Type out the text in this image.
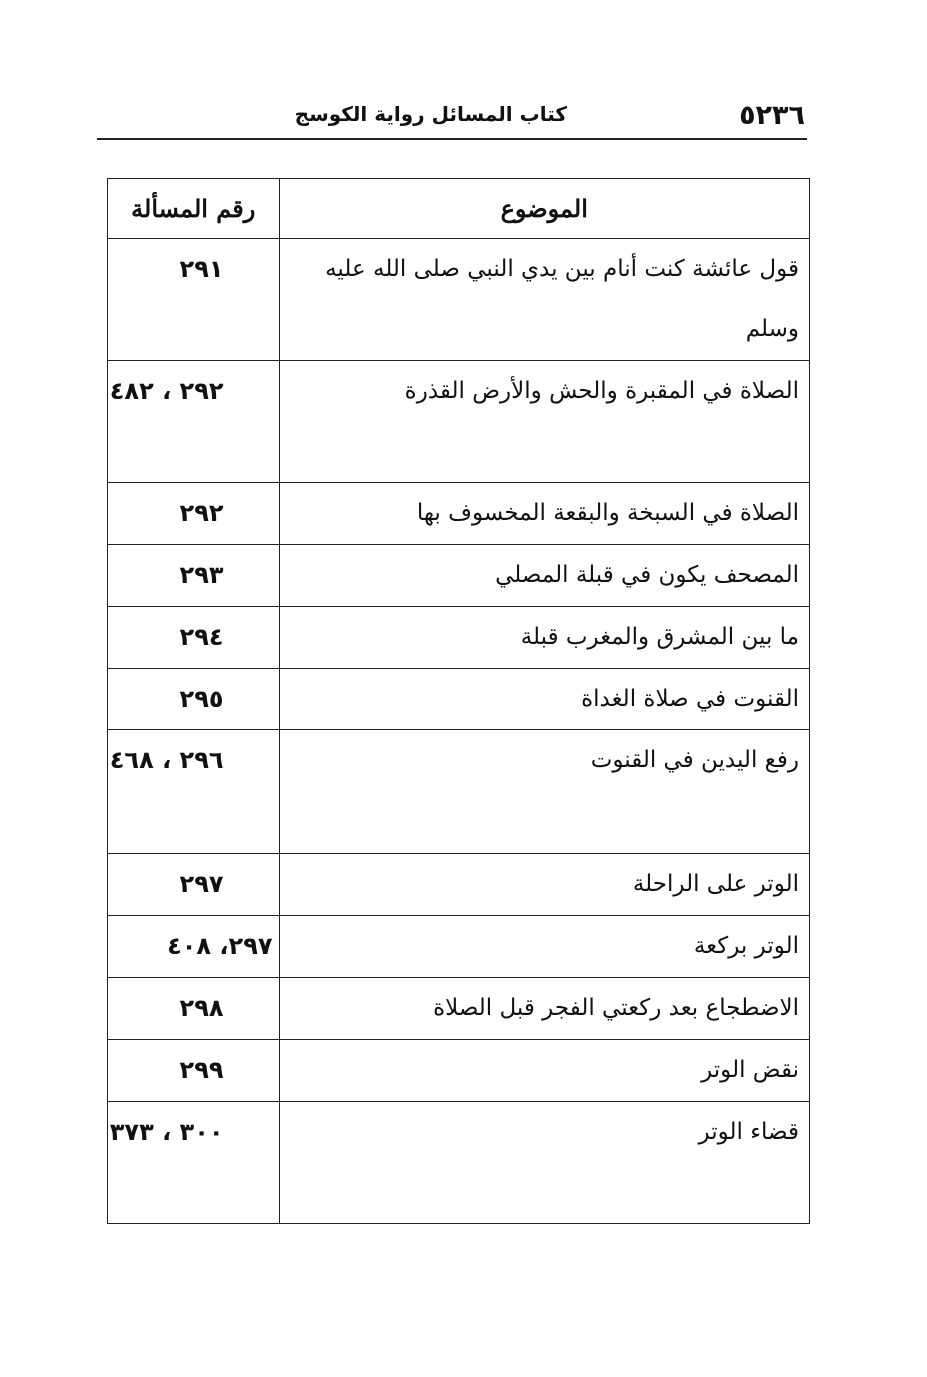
٥٢٣٦
كتاب المسائل رواية الكوسج
الموضوع	رقم المسألة

قول عائشة كنت أنام بين يدي النبي صلى الله عليه وسلم	٢٩١

الصلاة في المقبرة والحش والأرض القذرة	٢٩٢ ، ٤٨٢

الصلاة في السبخة والبقعة المخسوف بها	٢٩٢

المصحف يكون في قبلة المصلي	٢٩٣

ما بين المشرق والمغرب قبلة	٢٩٤

القنوت في صلاة الغداة	٢٩٥

رفع اليدين في القنوت	٢٩٦ ، ٤٦٨

الوتر على الراحلة	٢٩٧

الوتر بركعة	٢٩٧، ٤٠٨

الاضطجاع بعد ركعتي الفجر قبل الصلاة	٢٩٨

نقض الوتر	٢٩٩

قضاء الوتر	٣٠٠ ، ٣٧٣
